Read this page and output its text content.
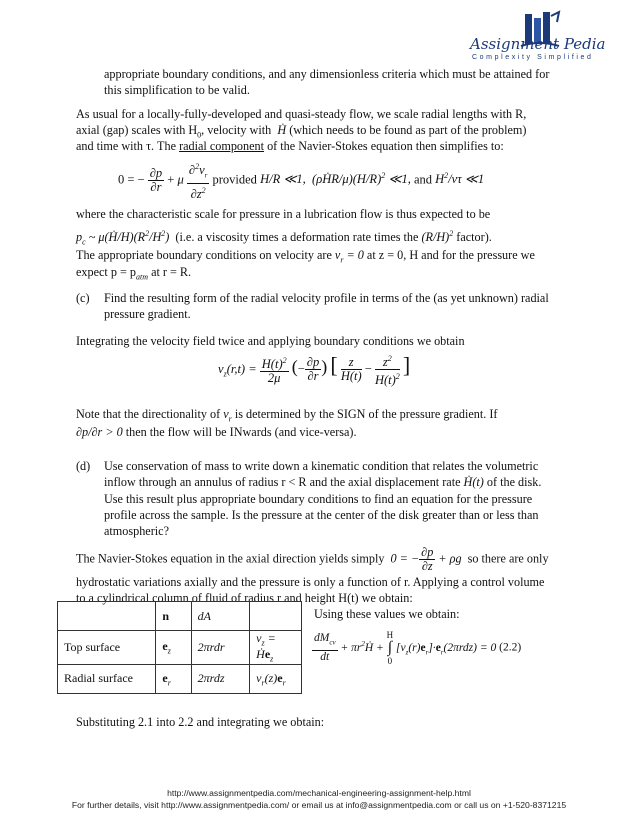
Assignment Pedia
Complexity Simplified
appropriate boundary conditions, and any dimensionless criteria which must be attained for
this simplification to be valid.
As usual for a locally-fully-developed and quasi-steady flow, we scale radial lengths with R,
axial (gap) scales with $H_0$, velocity with  Ḣ (which needs to be found as part of the problem)
and time with τ. The radial component of the Navier-Stokes equation then simplifies to:
0 = − $\frac{\partial p}{\partial r} + \mu \frac{\partial^2v_r}{\partial z^2}$ provided H/R ≪1,  $(\rho ḢR/\mu)(H/R)^2$ ≪1, and $H^2/\nu\tau$ ≪1
where the characteristic scale for pressure in a lubrication flow is thus expected to be
$p_c$ ~ $\mu(Ḣ/H)(R^2/H^2)$ (i.e. a viscosity times a deformation rate times the $(R/H)^2$ factor).
The appropriate boundary conditions on velocity are $v_r = 0$ at z = 0, H and for the pressure we
expect $p = p_{atm}$ at r = R.
(c) Find the resulting form of the radial velocity profile in terms of the (as yet unknown) radial
pressure gradient.
Integrating the velocity field twice and applying boundary conditions we obtain
$v_z(r,t) = \frac{H(t)^2}{2\mu}$ (− $\frac{\partial p}{\partial r}$ ) [ $\frac{z}{H(t)} - \frac{z^2}{H(t)^2}$ ]
Note that the directionality of $v_r$ is determined by the SIGN of the pressure gradient. If
∂p/∂r > 0 then the flow will be INwards (and vice-versa).
(d) Use conservation of mass to write down a kinematic condition that relates the volumetric
inflow through an annulus of radius r < R and the axial displacement rate Ḣ(t) of the disk.
Use this result plus appropriate boundary conditions to find an equation for the pressure
profile across the sample. Is the pressure at the center of the disk greater than or less than
atmospheric?
The Navier-Stokes equation in the axial direction yields simply  0 = − $\frac{\partial p}{\partial z} + \rho g$  so there are only
hydrostatic variations axially and the pressure is only a function of r. Applying a control volume
to a cylindrical column of fluid of radius r and height H(t) we obtain:
	n	dA	
Top surface	$e_z$	2πrdr	$v_z$ = $Ḣe_z$
Radial surface	$e_r$	2πrdz	$v_r(z)e_r$
Using these values we obtain:
$\frac{dM_{cv}}{dt}$ + $\pi r^2Ḣ$ +
H
∫
0
$[v_z(r)e_r]\cdot e_r(2\pi rdz) = 0$ (2.2)
Substituting 2.1 into 2.2 and integrating we obtain:
http://www.assignmentpedia.com/mechanical-engineering-assignment-help.html
For further details, visit http://www.assignmentpedia.com/ or email us at info@assignmentpedia.com or call us on +1-520-8371215
